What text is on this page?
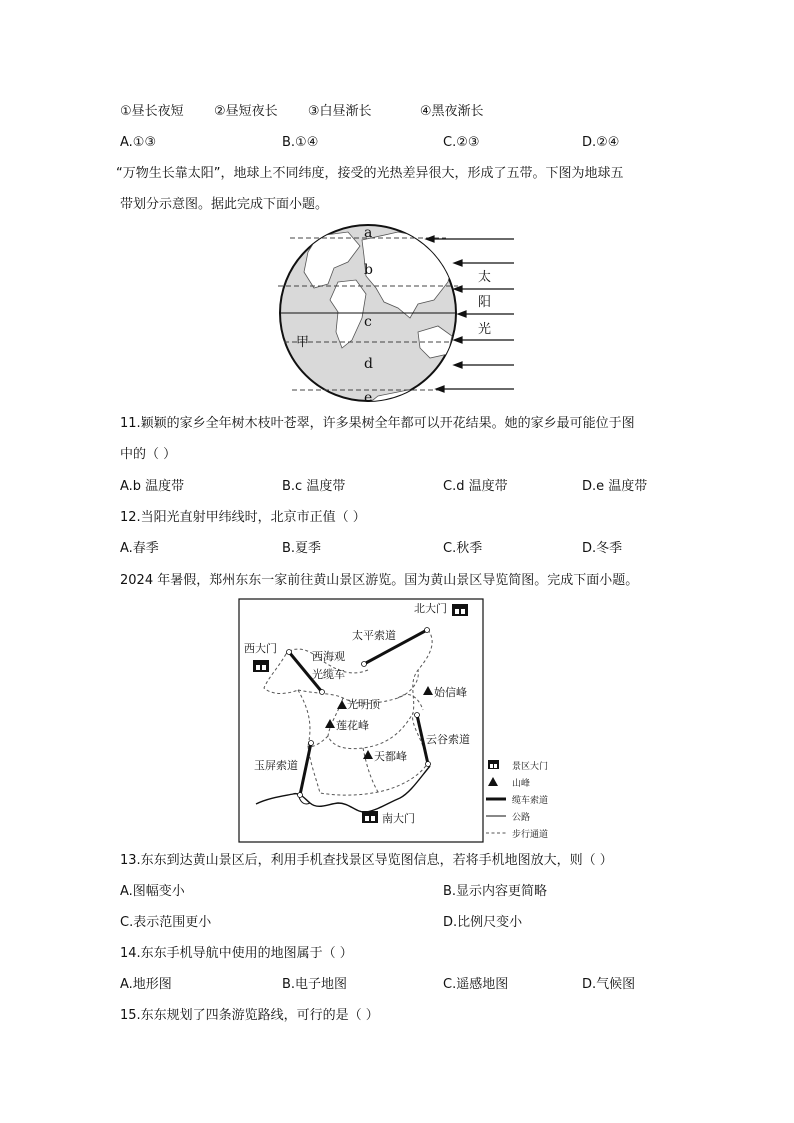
①昼长夜短 ②昼短夜长 ③白昼渐长	④黑夜渐长
A.①③	B.①④	C.②③	D.②④
“万物生长靠太阳”，地球上不同纬度，接受的光热差异很大，形成了五带。下图为地球五
带划分示意图。据此完成下面小题。
a
b
c
d
e
甲
太
阳
光
11.颖颖的家乡全年树木枝叶苍翠，许多果树全年都可以开花结果。她的家乡最可能位于图
中的（ ）
A.b 温度带	B.c 温度带	C.d 温度带	D.e 温度带
12.当阳光直射甲纬线时，北京市正值（ ）
A.春季	B.夏季	C.秋季	D.冬季
2024 年暑假，郑州东东一家前往黄山景区游览。国为黄山景区导览简图。完成下面小题。
北大门
西大门
南大门
太平索道
西海观
光缆车
光明顶
始信峰
莲花峰
天都峰
云谷索道
玉屏索道	景区大门
山峰
缆车索道
公路
步行通道
13.东东到达黄山景区后，利用手机查找景区导览图信息，若将手机地图放大，则（ ）
A.图幅变小	B.显示内容更简略
C.表示范围更小	D.比例尺变小
14.东东手机导航中使用的地图属于（ ）
A.地形图	B.电子地图	C.遥感地图	D.气候图
15.东东规划了四条游览路线，可行的是（ ）
